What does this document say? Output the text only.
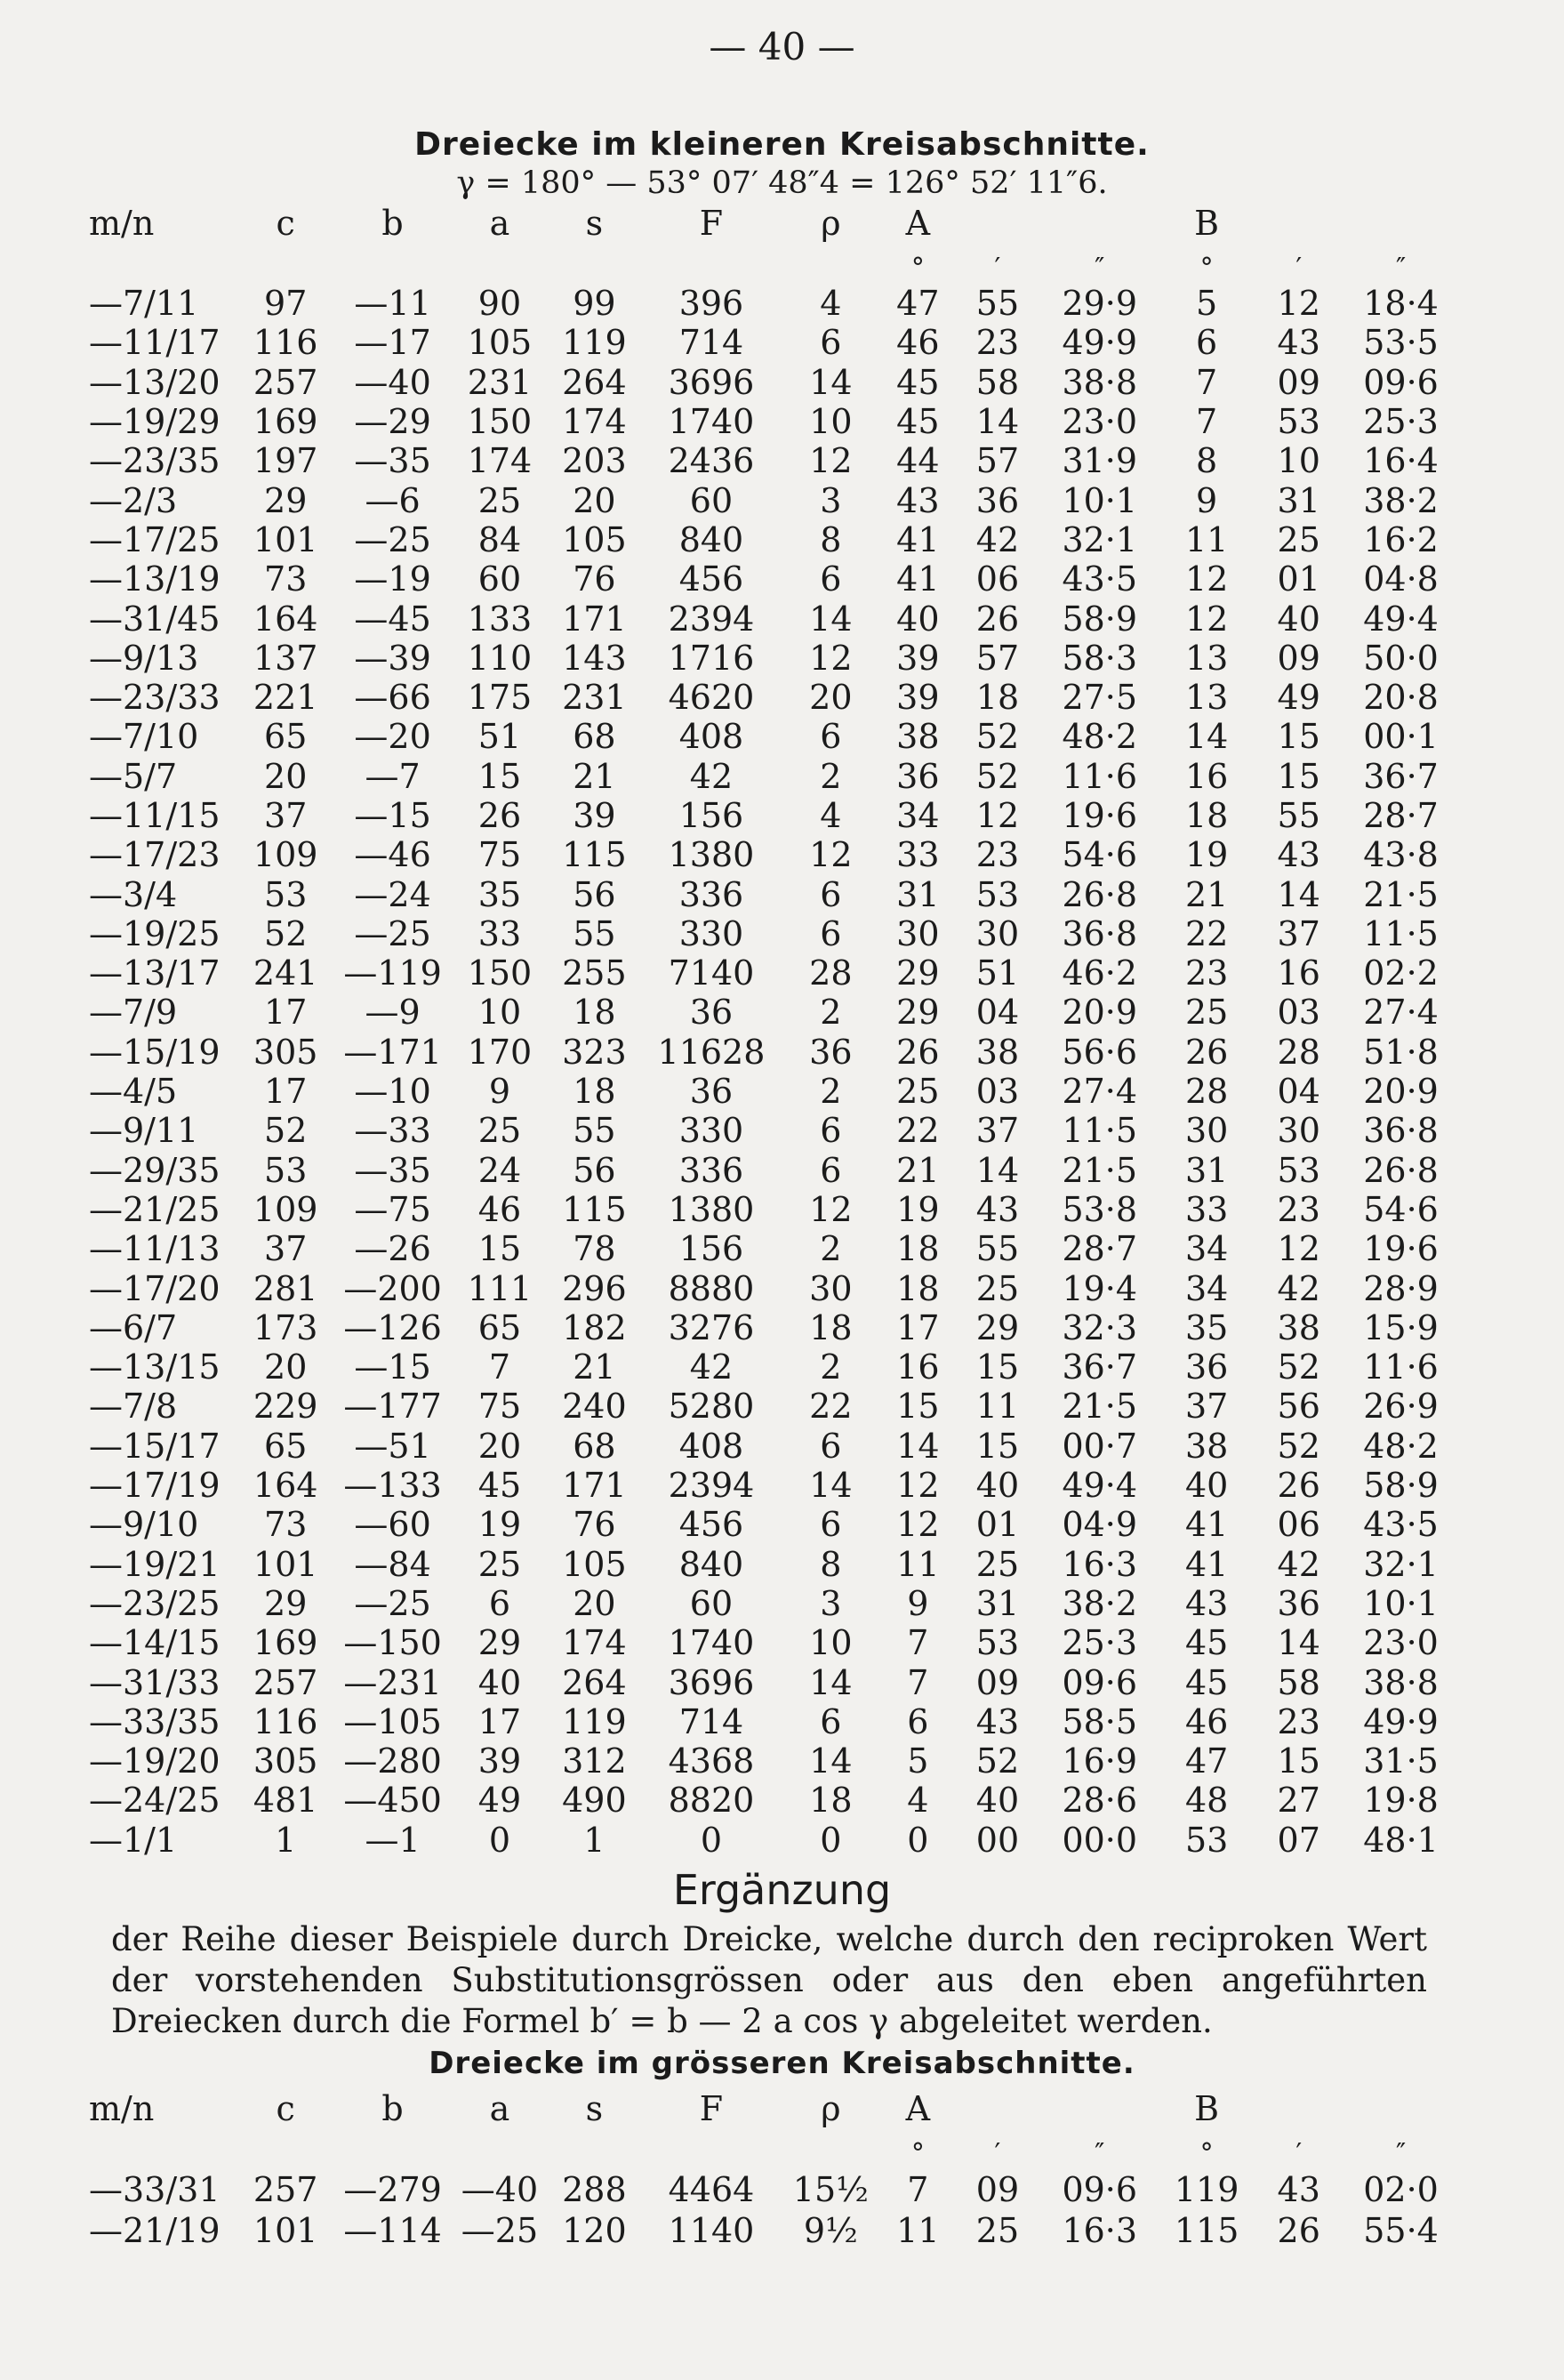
— 40 —
Dreiecke im kleineren Kreisabschnitte.
γ = 180° — 53° 07′ 48″4 = 126° 52′ 11″6.
m/n	c	b	a	s	F	ρ	A			B		
							°	′	″	°	′	″
—7/11	97	—11	90	99	396	4	47	55	29·9	5	12	18·4
—11/17	116	—17	105	119	714	6	46	23	49·9	6	43	53·5
—13/20	257	—40	231	264	3696	14	45	58	38·8	7	09	09·6
—19/29	169	—29	150	174	1740	10	45	14	23·0	7	53	25·3
—23/35	197	—35	174	203	2436	12	44	57	31·9	8	10	16·4
—2/3	29	—6	25	20	60	3	43	36	10·1	9	31	38·2
—17/25	101	—25	84	105	840	8	41	42	32·1	11	25	16·2
—13/19	73	—19	60	76	456	6	41	06	43·5	12	01	04·8
—31/45	164	—45	133	171	2394	14	40	26	58·9	12	40	49·4
—9/13	137	—39	110	143	1716	12	39	57	58·3	13	09	50·0
—23/33	221	—66	175	231	4620	20	39	18	27·5	13	49	20·8
—7/10	65	—20	51	68	408	6	38	52	48·2	14	15	00·1
—5/7	20	—7	15	21	42	2	36	52	11·6	16	15	36·7
—11/15	37	—15	26	39	156	4	34	12	19·6	18	55	28·7
—17/23	109	—46	75	115	1380	12	33	23	54·6	19	43	43·8
—3/4	53	—24	35	56	336	6	31	53	26·8	21	14	21·5
—19/25	52	—25	33	55	330	6	30	30	36·8	22	37	11·5
—13/17	241	—119	150	255	7140	28	29	51	46·2	23	16	02·2
—7/9	17	—9	10	18	36	2	29	04	20·9	25	03	27·4
—15/19	305	—171	170	323	11628	36	26	38	56·6	26	28	51·8
—4/5	17	—10	9	18	36	2	25	03	27·4	28	04	20·9
—9/11	52	—33	25	55	330	6	22	37	11·5	30	30	36·8
—29/35	53	—35	24	56	336	6	21	14	21·5	31	53	26·8
—21/25	109	—75	46	115	1380	12	19	43	53·8	33	23	54·6
—11/13	37	—26	15	78	156	2	18	55	28·7	34	12	19·6
—17/20	281	—200	111	296	8880	30	18	25	19·4	34	42	28·9
—6/7	173	—126	65	182	3276	18	17	29	32·3	35	38	15·9
—13/15	20	—15	7	21	42	2	16	15	36·7	36	52	11·6
—7/8	229	—177	75	240	5280	22	15	11	21·5	37	56	26·9
—15/17	65	—51	20	68	408	6	14	15	00·7	38	52	48·2
—17/19	164	—133	45	171	2394	14	12	40	49·4	40	26	58·9
—9/10	73	—60	19	76	456	6	12	01	04·9	41	06	43·5
—19/21	101	—84	25	105	840	8	11	25	16·3	41	42	32·1
—23/25	29	—25	6	20	60	3	9	31	38·2	43	36	10·1
—14/15	169	—150	29	174	1740	10	7	53	25·3	45	14	23·0
—31/33	257	—231	40	264	3696	14	7	09	09·6	45	58	38·8
—33/35	116	—105	17	119	714	6	6	43	58·5	46	23	49·9
—19/20	305	—280	39	312	4368	14	5	52	16·9	47	15	31·5
—24/25	481	—450	49	490	8820	18	4	40	28·6	48	27	19·8
—1/1	1	—1	0	1	0	0	0	00	00·0	53	07	48·1
Ergänzung
der Reihe dieser Beispiele durch Dreicke, welche durch den reciproken Wert der vorstehenden Substitutionsgrössen oder aus den eben angeführten Dreiecken durch die Formel b′ = b — 2 a cos γ abgeleitet werden.
Dreiecke im grösseren Kreisabschnitte.
m/n	c	b	a	s	F	ρ	A			B		
							°	′	″	°	′	″
—33/31	257	—279	—40	288	4464	15½	7	09	09·6	119	43	02·0
—21/19	101	—114	—25	120	1140	9½	11	25	16·3	115	26	55·4
